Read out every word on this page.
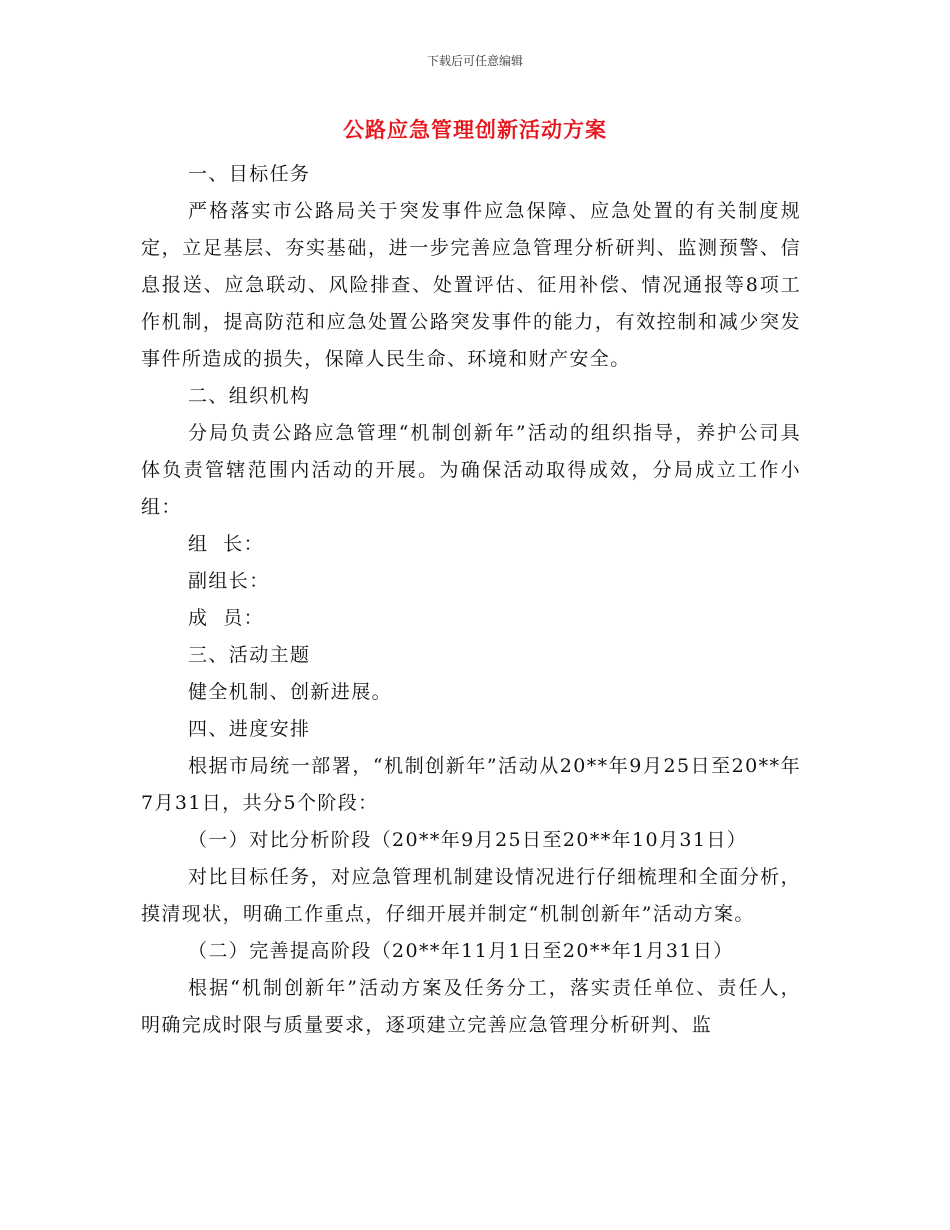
下载后可任意编辑
公路应急管理创新活动方案

一、目标任务

严格落实市公路局关于突发事件应急保障、应急处置的有关制度规定，立足基层、夯实基础，进一步完善应急管理分析研判、监测预警、信息报送、应急联动、风险排查、处置评估、征用补偿、情况通报等8项工作机制，提高防范和应急处置公路突发事件的能力，有效控制和减少突发事件所造成的损失，保障人民生命、环境和财产安全。

二、组织机构

分局负责公路应急管理“机制创新年”活动的组织指导，养护公司具体负责管辖范围内活动的开展。为确保活动取得成效，分局成立工作小组：

组  长：

副组长：

成  员：

三、活动主题

健全机制、创新进展。

四、进度安排

根据市局统一部署，“机制创新年”活动从20**年9月25日至20**年7月31日，共分5个阶段：

（一）对比分析阶段（20**年9月25日至20**年10月31日）

对比目标任务，对应急管理机制建设情况进行仔细梳理和全面分析，摸清现状，明确工作重点，仔细开展并制定“机制创新年”活动方案。

（二）完善提高阶段（20**年11月1日至20**年1月31日）

根据“机制创新年”活动方案及任务分工，落实责任单位、责任人，明确完成时限与质量要求，逐项建立完善应急管理分析研判、监
